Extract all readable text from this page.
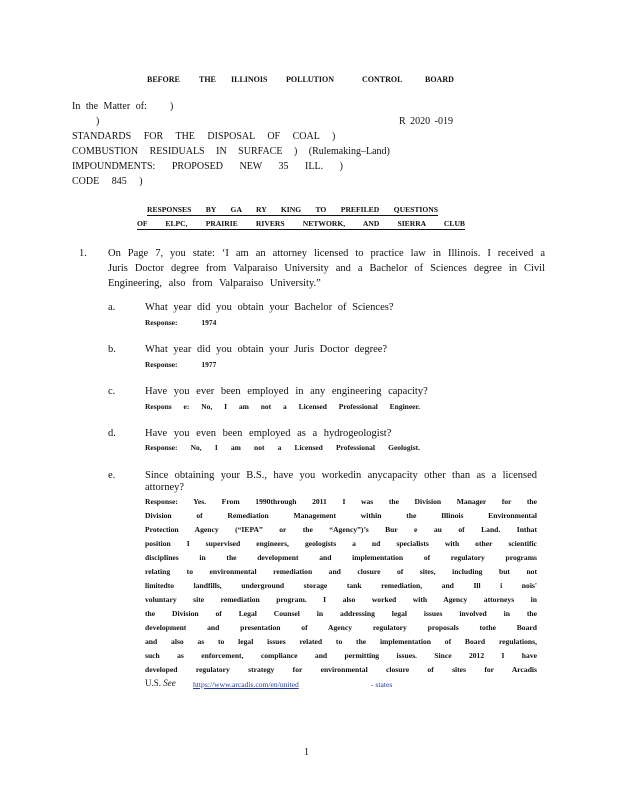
BEFORE THE ILLINOIS POLLUTION	CONTROL	BOARD
In the Matter of: )
)	R 2020 -019
STANDARDS FOR THE DISPOSAL OF COAL )
COMBUSTION RESIDUALS IN SURFACE ) (Rulemaking–Land)
IMPOUNDMENTS: PROPOSED NEW 35 ILL. )
CODE 845 )
RESPONSES BY GA RY KING TO PREFILED QUESTIONS
OF ELPC, PRAIRIE RIVERS NETWORK, AND SIERRA CLUB
1. On Page 7, you state: ‘I am an attorney licensed to practice law in Illinois. I received a
Juris Doctor degree from Valparaiso University and a Bachelor of Sciences degree in Civil
Engineering, also from Valparaiso University.”
a.	What year did you obtain your Bachelor of Sciences?
Response: 1974
b.	What year did you obtain your Juris Doctor degree?
Response: 1977
c.	Have you ever been employed in any engineering capacity?
Respons e: No, I am not a Licensed Professional Engineer.
d.	Have you even been employed as a hydrogeologist?
Response: No, I am not a Licensed Professional Geologist.
e.	Since obtaining your B.S., have you workedin anycapacity other than as a licensed
attorney?
Response: Yes. From 1990through 2011 I was the Division Manager for the
Division of Remediation Management within the Illinois Environmental
Protection Agency (“IEPA” or the “Agency”)’s Bur e au of Land. Inthat
position I supervised engineers, geologists a nd specialists with other scientific
disciplines in the development and implementation of regulatory programs
relating to environmental remediation and closure of sites, including but not
limitedto landfills, underground storage tank remediation, and Ill i nois'
voluntary site remediation program. I also worked with Agency attorneys in
the Division of Legal Counsel in addressing legal issues involved in the
development and presentation of Agency regulatory proposals tothe Board
and also as to legal issues related to the implementation of Board regulations,
such as enforcement, compliance and permitting issues. Since 2012 I have
developed regulatory strategy for environmental closure of sites for Arcadis
U.S. See https://www.arcadis.com/en/united	- states
1
